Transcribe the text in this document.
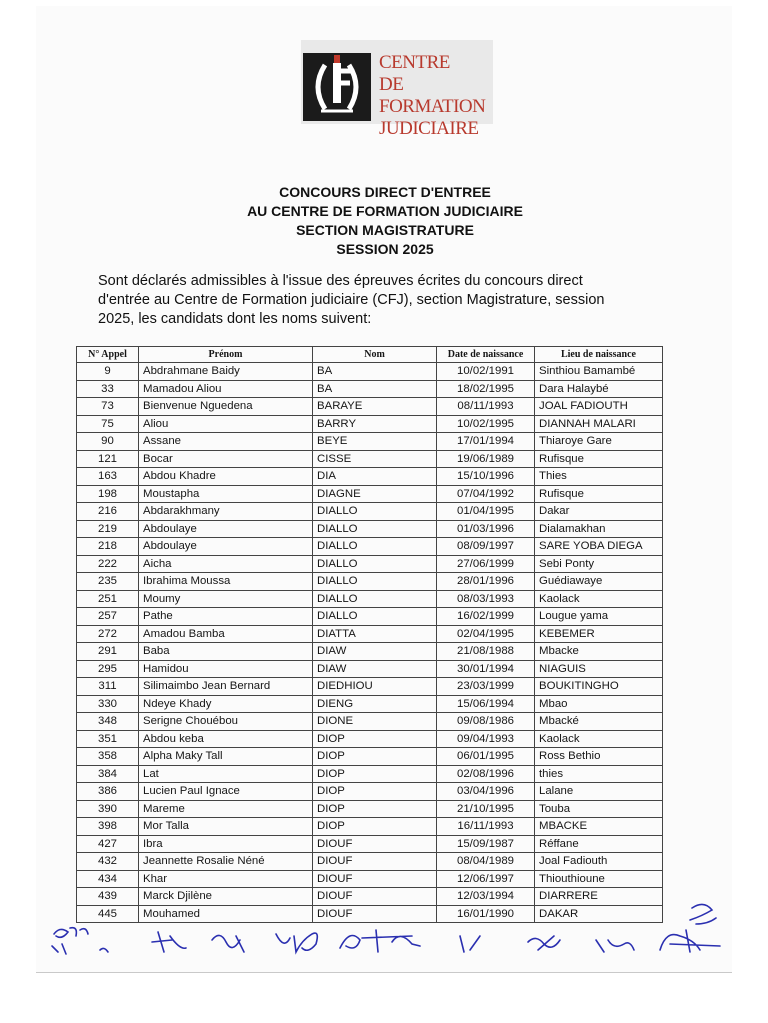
CENTRE
DE FORMATION
JUDICIAIRE
CONCOURS DIRECT D'ENTREE
AU CENTRE DE FORMATION JUDICIAIRE
SECTION MAGISTRATURE
SESSION 2025
Sont déclarés admissibles à l'issue des épreuves écrites du concours direct
d'entrée au Centre de Formation judiciaire (CFJ), section Magistrature, session
2025, les candidats dont les noms suivent:
N° Appel	Prénom	Nom	Date de naissance	Lieu de naissance
9	Abdrahmane Baidy	BA	10/02/1991	Sinthiou Bamambé
33	Mamadou Aliou	BA	18/02/1995	Dara Halaybé
73	Bienvenue Nguedena	BARAYE	08/11/1993	JOAL FADIOUTH
75	Aliou	BARRY	10/02/1995	DIANNAH MALARI
90	Assane	BEYE	17/01/1994	Thiaroye Gare
121	Bocar	CISSE	19/06/1989	Rufisque
163	Abdou Khadre	DIA	15/10/1996	Thies
198	Moustapha	DIAGNE	07/04/1992	Rufisque
216	Abdarakhmany	DIALLO	01/04/1995	Dakar
219	Abdoulaye	DIALLO	01/03/1996	Dialamakhan
218	Abdoulaye	DIALLO	08/09/1997	SARE YOBA DIEGA
222	Aicha	DIALLO	27/06/1999	Sebi Ponty
235	Ibrahima Moussa	DIALLO	28/01/1996	Guédiawaye
251	Moumy	DIALLO	08/03/1993	Kaolack
257	Pathe	DIALLO	16/02/1999	Lougue yama
272	Amadou Bamba	DIATTA	02/04/1995	KEBEMER
291	Baba	DIAW	21/08/1988	Mbacke
295	Hamidou	DIAW	30/01/1994	NIAGUIS
311	Silimaimbo Jean Bernard	DIEDHIOU	23/03/1999	BOUKITINGHO
330	Ndeye Khady	DIENG	15/06/1994	Mbao
348	Serigne Chouébou	DIONE	09/08/1986	Mbacké
351	Abdou keba	DIOP	09/04/1993	Kaolack
358	Alpha Maky Tall	DIOP	06/01/1995	Ross Bethio
384	Lat	DIOP	02/08/1996	thies
386	Lucien Paul Ignace	DIOP	03/04/1996	Lalane
390	Mareme	DIOP	21/10/1995	Touba
398	Mor Talla	DIOP	16/11/1993	MBACKE
427	Ibra	DIOUF	15/09/1987	Réffane
432	Jeannette Rosalie Néné	DIOUF	08/04/1989	Joal Fadiouth
434	Khar	DIOUF	12/06/1997	Thiouthioune
439	Marck Djilène	DIOUF	12/03/1994	DIARRERE
445	Mouhamed	DIOUF	16/01/1990	DAKAR
